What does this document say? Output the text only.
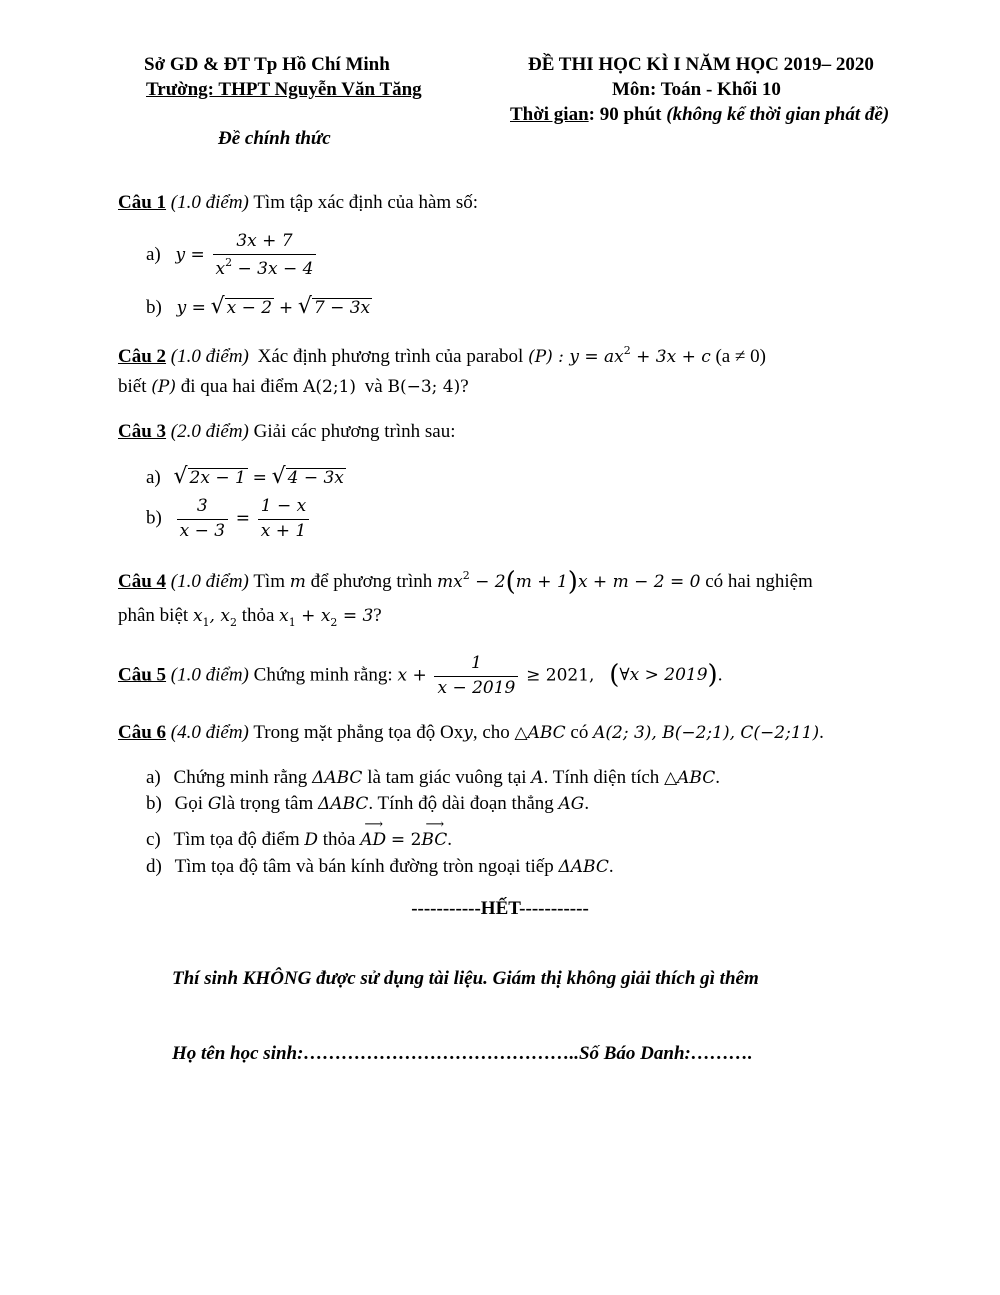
Sở GD & ĐT Tp Hồ Chí Minh
Trường: THPT Nguyễn Văn Tăng
Đề chính thức
ĐỀ THI HỌC KÌ I NĂM HỌC 2019– 2020
Môn: Toán - Khối 10
Thời gian: 90 phút (không kể thời gian phát đề)
Câu 1 (1.0 điểm) Tìm tập xác định của hàm số:
a) $y = \frac{3x + 7}{x^2 - 3x - 4}$
b) y = √ x − 2 + √ 7 − 3x
Câu 2 (1.0 điểm) Xác định phương trình của parabol (P) : $y = ax^2 + 3x + c$ (a ≠ 0)
biết (P) đi qua hai điểm A(2;1) và B(−3; 4)?
Câu 3 (2.0 điểm) Giải các phương trình sau:
a) √ 2x − 1 = √ 4 − 3x
$b) \frac{3}{x - 3} = \frac{1 - x}{x + 1}$
Câu 4 (1.0 điểm) Tìm m để phương trình $mx^2 - 2(m + 1)x + m - 2 = 0$ có hai nghiệm
phân biệt $x_1$, $x_2$ thỏa $x_1 + x_2 = 3$?
Câu 5 (1.0 điểm) Chứng minh rằng: $x + \frac{1}{x - 2019} \ge 2021$, (∀x > 2019).
Câu 6 (4.0 điểm) Trong mặt phẳng tọa độ Oxy, cho △ABC có A(2; 3), B(−2;1), C(−2;11).
a) Chứng minh rằng ΔABC là tam giác vuông tại A. Tính diện tích △ABC.
b) Gọi Glà trọng tâm ΔABC. Tính độ dài đoạn thẳng AG.
c) Tìm tọa độ điểm D thỏa ⟶ AD = 2⟶ BC.
d) Tìm tọa độ tâm và bán kính đường tròn ngoại tiếp ΔABC.
-----------HẾT-----------
Thí sinh KHÔNG được sử dụng tài liệu. Giám thị không giải thích gì thêm
Họ tên học sinh:……………………………………..Số Báo Danh:……….
